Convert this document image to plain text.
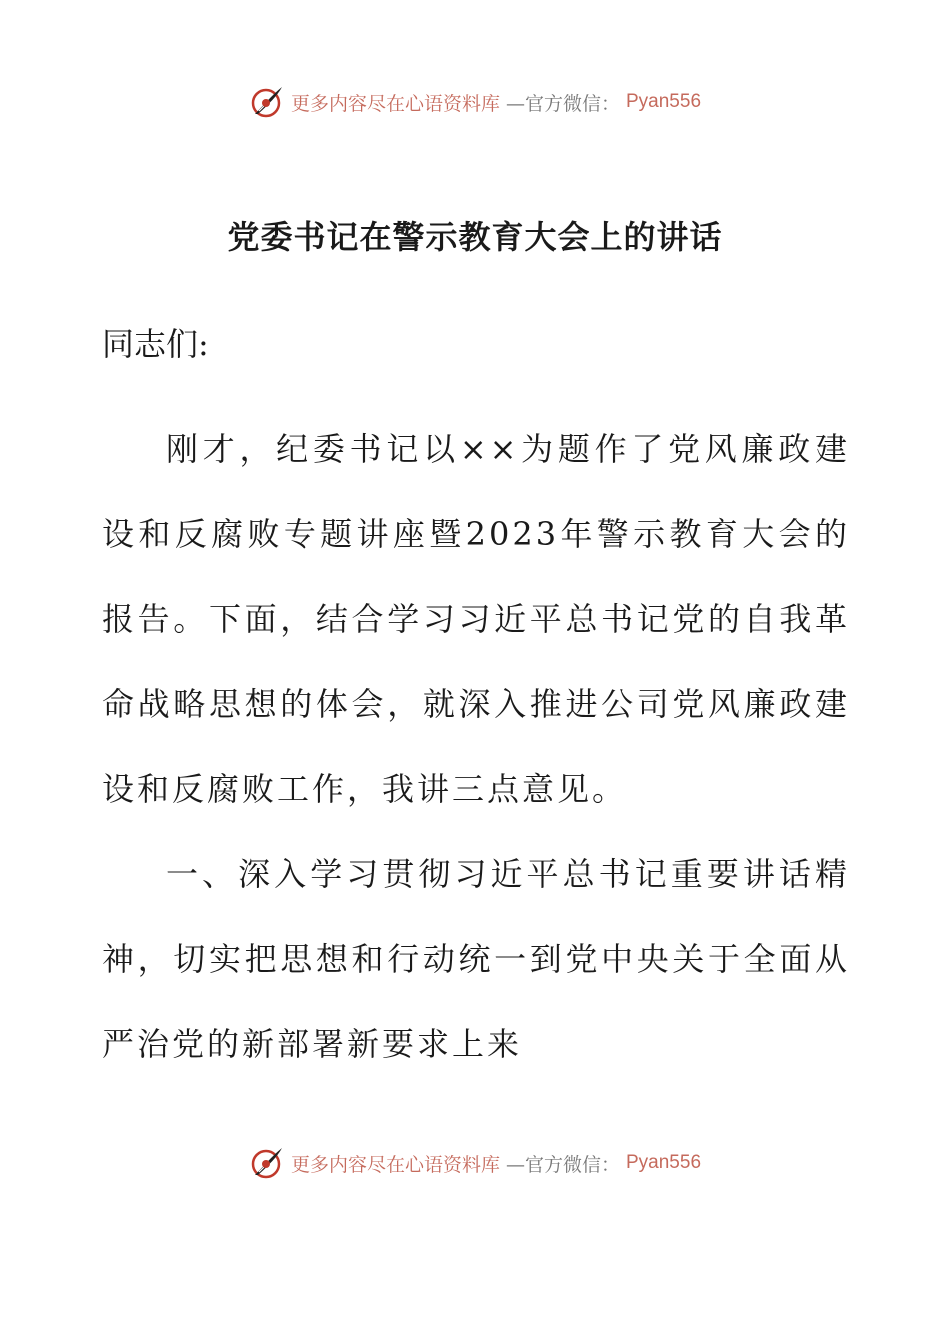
更多内容尽在心语资料库 —官方微信： Pyan556
党委书记在警示教育大会上的讲话

同志们:

刚才，纪委书记以××为题作了党风廉政建设和反腐败专题讲座暨2023年警示教育大会的报告。下面，结合学习习近平总书记党的自我革命战略思想的体会，就深入推进公司党风廉政建设和反腐败工作，我讲三点意见。

一、深入学习贯彻习近平总书记重要讲话精神，切实把思想和行动统一到党中央关于全面从严治党的新部署新要求上来

更多内容尽在心语资料库 —官方微信： Pyan556
